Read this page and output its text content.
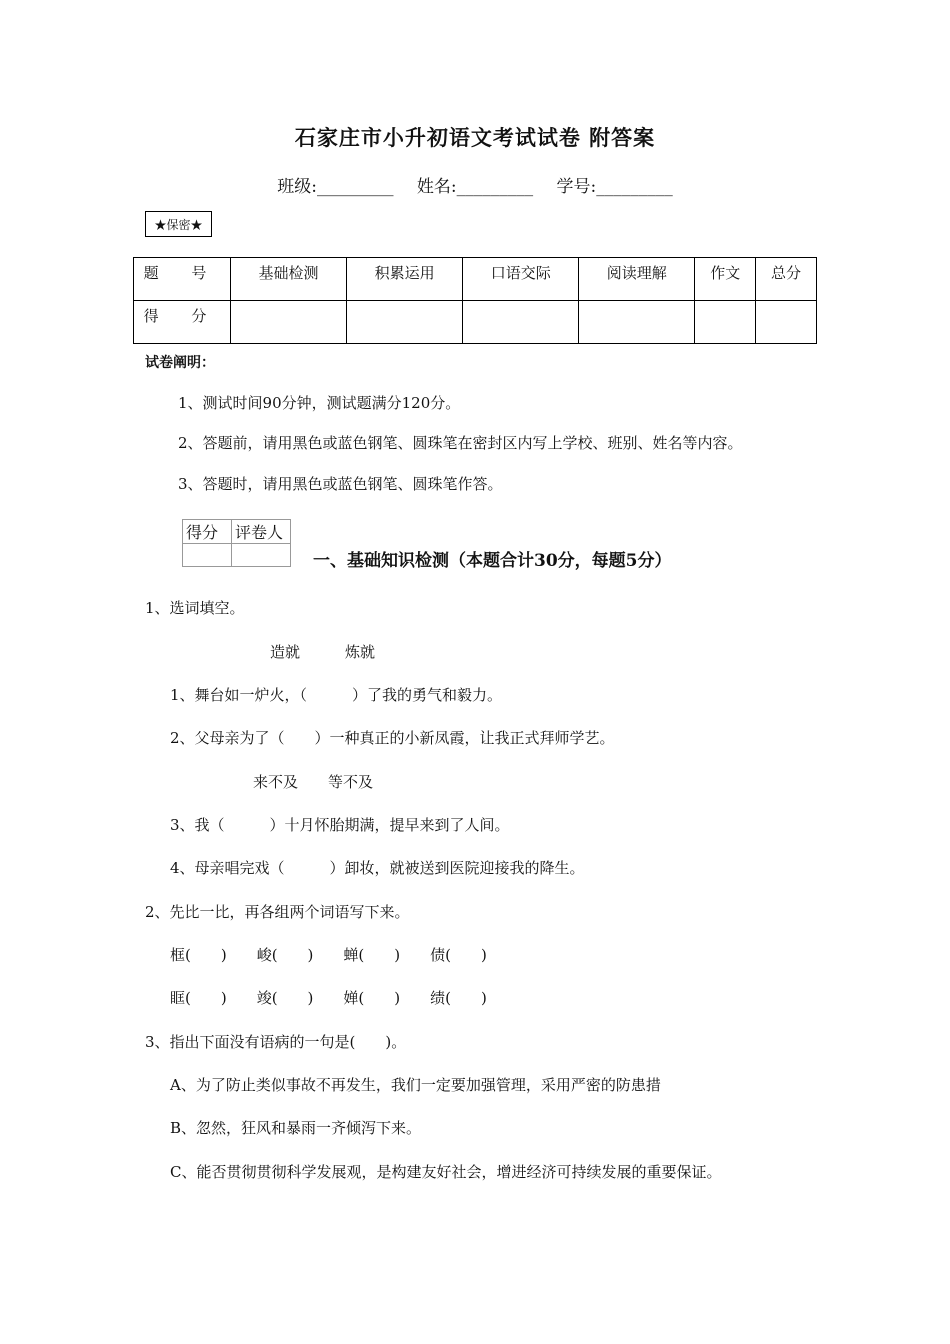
石家庄市小升初语文考试试卷 附答案
班级:_________ 姓名:_________ 学号:_________
★保密★
题 号	基础检测	积累运用	口语交际	阅读理解	作文	总分
得 分						
试卷阐明：
1、测试时间90分钟，测试题满分120分。
2、答题前，请用黑色或蓝色钢笔、圆珠笔在密封区内写上学校、班别、姓名等内容。
3、答题时，请用黑色或蓝色钢笔、圆珠笔作答。
得分	评卷人

一、基础知识检测（本题合计30分，每题5分）
1、选词填空。
造就　　　炼就
1、舞台如一炉火，（　　　）了我的勇气和毅力。
2、父母亲为了（　　）一种真正的小新凤霞，让我正式拜师学艺。
来不及　　等不及
3、我（　　　）十月怀胎期满，提早来到了人间。
4、母亲唱完戏（　　　）卸妆，就被送到医院迎接我的降生。
2、先比一比，再各组两个词语写下来。
框(　　)　　峻(　　)　　蝉(　　)　　债(　　)
眶(　　)　　竣(　　)　　婵(　　)　　绩(　　)
3、指出下面没有语病的一句是(　　)。
A、为了防止类似事故不再发生，我们一定要加强管理，采用严密的防患措
B、忽然，狂风和暴雨一齐倾泻下来。
C、能否贯彻贯彻科学发展观，是构建友好社会，增进经济可持续发展的重要保证。
